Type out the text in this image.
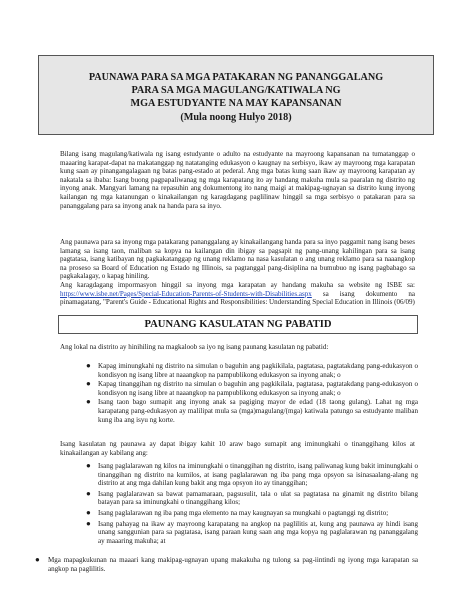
PAUNAWA PARA SA MGA PATAKARAN NG PANANGGALANG
PARA SA MGA MAGULANG/KATIWALA NG
MGA ESTUDYANTE NA MAY KAPANSANAN
(Mula noong Hulyo 2018)

Bilang isang magulang/katiwala ng isang estudyante o adulto na estudyante na mayroong kapansanan na tumatanggap o maaaring karapat-dapat na makatanggap ng natatanging edukasyon o kaugnay na serbisyo, ikaw ay mayroong mga karapatan kung saan ay pinangangalagaan ng batas pang-estado at pederal. Ang mga batas kung saan ikaw ay mayroong karapatan ay nakatala sa ibaba: Isang buong pagpapaliwanag ng mga karapatang ito ay handang makuha mula sa paaralan ng distrito ng inyong anak. Mangyari lamang na repasuhin ang dokumentong ito nang maigi at makipag-ugnayan sa distrito kung inyong kailangan ng mga katanungan o kinakailangan ng karagdagang paglilinaw hinggil sa mga serbisyo o patakaran para sa pananggalang para sa inyong anak na handa para sa inyo.

Ang paunawa para sa inyong mga patakarang pananggalang ay kinakailangang handa para sa inyo paggamit nang isang beses lamang sa isang taon, maliban sa kopya na kailangan din ibigay sa pagsapit ng pang-unang kahilingan para sa isang pagtatasa, isang katibayan ng pagkakatanggap ng unang reklamo na nasa kasulatan o ang unang reklamo para sa naaangkop na proseso sa Board of Education ng Estado ng Illinois, sa pagtanggal pang-disiplina na bumubuo ng isang pagbabago sa pagkakalagay, o kapag hiniling.

Ang karagdagang impormasyon hinggil sa inyong mga karapatan ay handang makuha sa website ng ISBE sa: https://www.isbe.net/Pages/Special-Education-Parents-of-Students-with-Disabilities.aspx sa isang dokumento na pinamagatang, "Parent's Guide - Educational Rights and Responsibilities: Understanding Special Education in Illinois (06/09)

PAUNANG KASULATAN NG PABATID

Ang lokal na distrito ay hinihiling na magkaloob sa iyo ng isang paunang kasulatan ng pabatid:

● Kapag iminungkahi ng distrito na simulan o baguhin ang pagkikilala, pagtatasa, pagtatakdang pang-edukasyon o kondisyon ng isang libre at naaangkop na pampublikong edukasyon sa inyong anak; o
● Kapag tinanggihan ng distrito na simulan o baguhin ang pagkikilala, pagtatasa, pagtatakdang pang-edukasyon o kondisyon ng isang libre at naaangkop na pampublikong edukasyon sa inyong anak; o
● Isang taon bago sumapit ang inyong anak sa pagiging mayor de edad (18 taong gulang). Lahat ng mga karapatang pang-edukasyon ay malilipat mula sa (mga)magulang/(mga) katiwala patungo sa estudyante maliban kung iba ang isyu ng korte.

Isang kasulatan ng paunawa ay dapat ibigay kahit 10 araw bago sumapit ang iminungkahi o tinanggihang kilos at kinakailangan ay kabilang ang:

● Isang paglalarawan ng kilos na iminungkahi o tinanggihan ng distrito, isang paliwanag kung bakit iminungkahi o tinanggihan ng distrito na kumilos, at isang paglalarawan ng iba pang mga opsyon sa isinasaalang-alang ng distrito at ang mga dahilan kung bakit ang mga opsyon ito ay tinanggihan;
● Isang paglalarawan sa bawat pamamaraan, pagsusulit, tala o ulat sa pagtatasa na ginamit ng distrito bilang batayan para sa iminungkahi o tinanggihang kilos;
● Isang paglalarawan ng iba pang mga elemento na may kaugnayan sa mungkahi o pagtanggi ng distrito;
● Isang pahayag na ikaw ay mayroong karapatang na angkop na paglilitis at, kung ang paunawa ay hindi isang unang sanggunian para sa pagtatasa, isang paraan kung saan ang mga kopya ng paglalarawan ng pananggalang ay maaaring makuha; at
● Mga mapagkukunan na maaari kang makipag-ugnayan upang makakuha ng tulong sa pag-iintindi ng iyong mga karapatan sa angkop na paglilitis.
